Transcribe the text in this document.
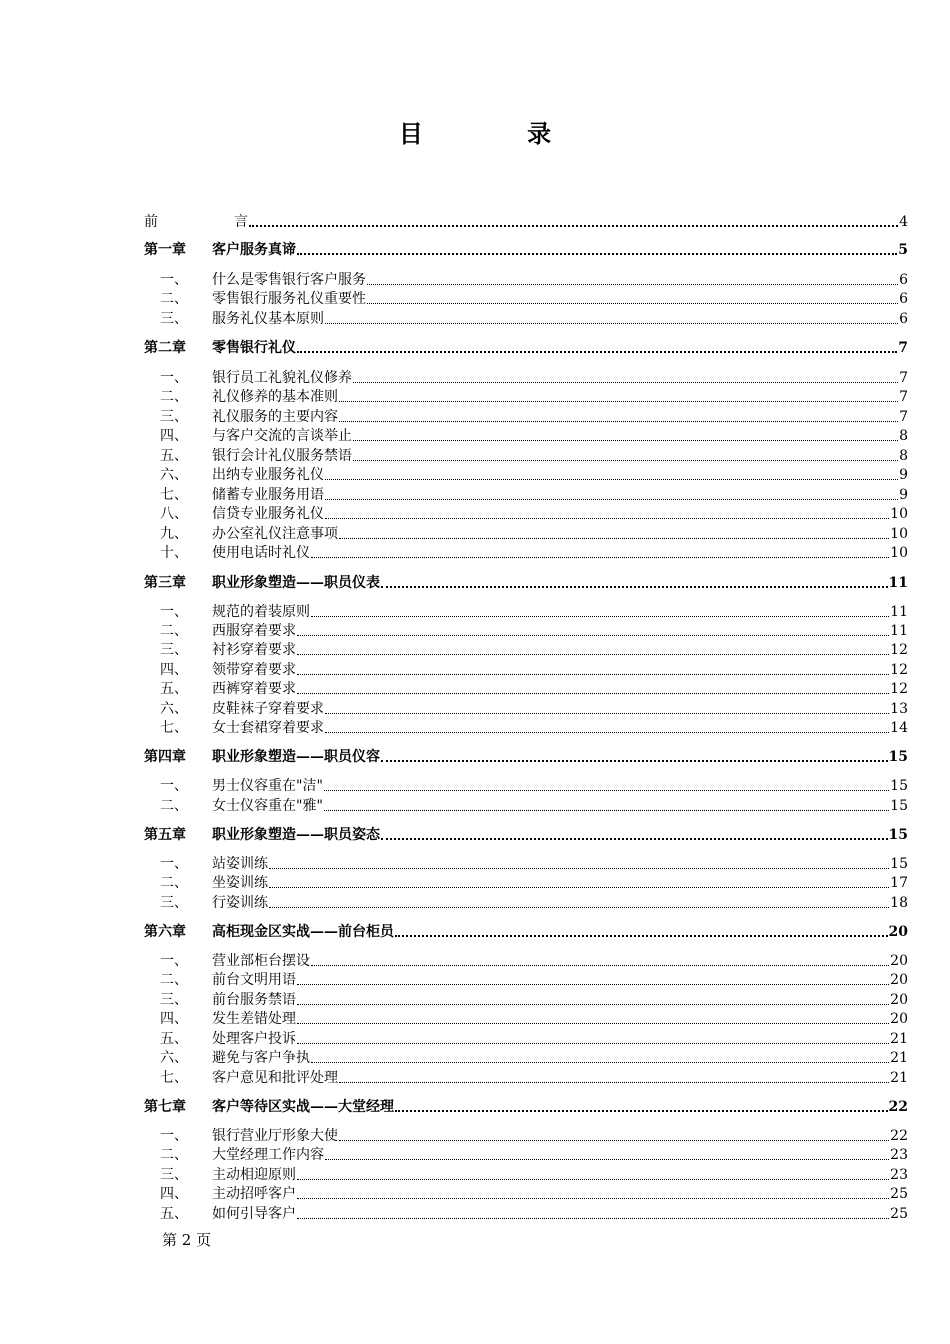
目	录
前	言	4
第一章	客户服务真谛	5
一、	什么是零售银行客户服务	6
二、	零售银行服务礼仪重要性	6
三、	服务礼仪基本原则	6
第二章	零售银行礼仪	7
一、	银行员工礼貌礼仪修养	7
二、	礼仪修养的基本准则	7
三、	礼仪服务的主要内容	7
四、	与客户交流的言谈举止	8
五、	银行会计礼仪服务禁语	8
六、	出纳专业服务礼仪	9
七、	储蓄专业服务用语	9
八、	信贷专业服务礼仪	10
九、	办公室礼仪注意事项	10
十、	使用电话时礼仪	10
第三章	职业形象塑造——职员仪表	11
一、	规范的着装原则	11
二、	西服穿着要求	11
三、	衬衫穿着要求	12
四、	领带穿着要求	12
五、	西裤穿着要求	12
六、	皮鞋袜子穿着要求	13
七、	女士套裙穿着要求	14
第四章	职业形象塑造——职员仪容	15
一、	男士仪容重在"洁"	15
二、	女士仪容重在"雅"	15
第五章	职业形象塑造——职员姿态	15
一、	站姿训练	15
二、	坐姿训练	17
三、	行姿训练	18
第六章	高柜现金区实战——前台柜员	20
一、	营业部柜台摆设	20
二、	前台文明用语	20
三、	前台服务禁语	20
四、	发生差错处理	20
五、	处理客户投诉	21
六、	避免与客户争执	21
七、	客户意见和批评处理	21
第七章	客户等待区实战——大堂经理	22
一、	银行营业厅形象大使	22
二、	大堂经理工作内容	23
三、	主动相迎原则	23
四、	主动招呼客户	25
五、	如何引导客户	25
第 2 页
